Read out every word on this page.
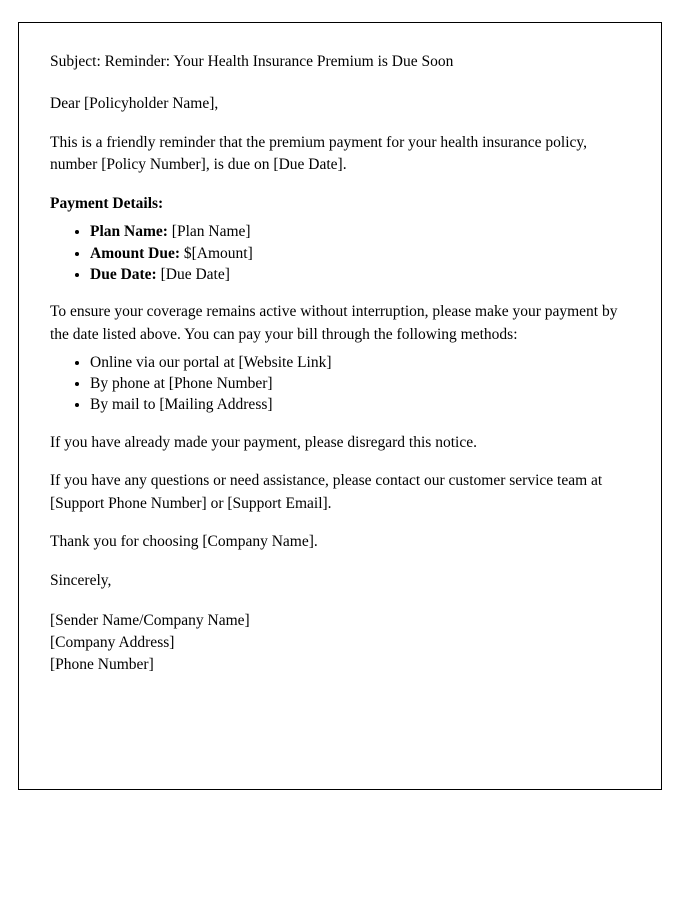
Subject: Reminder: Your Health Insurance Premium is Due Soon

Dear [Policyholder Name],

This is a friendly reminder that the premium payment for your health insurance policy, number [Policy Number], is due on [Due Date].

Payment Details:

• Plan Name: [Plan Name]
• Amount Due: $[Amount]
• Due Date: [Due Date]

To ensure your coverage remains active without interruption, please make your payment by the date listed above. You can pay your bill through the following methods:

• Online via our portal at [Website Link]
• By phone at [Phone Number]
• By mail to [Mailing Address]

If you have already made your payment, please disregard this notice.

If you have any questions or need assistance, please contact our customer service team at [Support Phone Number] or [Support Email].

Thank you for choosing [Company Name].

Sincerely,

[Sender Name/Company Name]

[Company Address]

[Phone Number]
